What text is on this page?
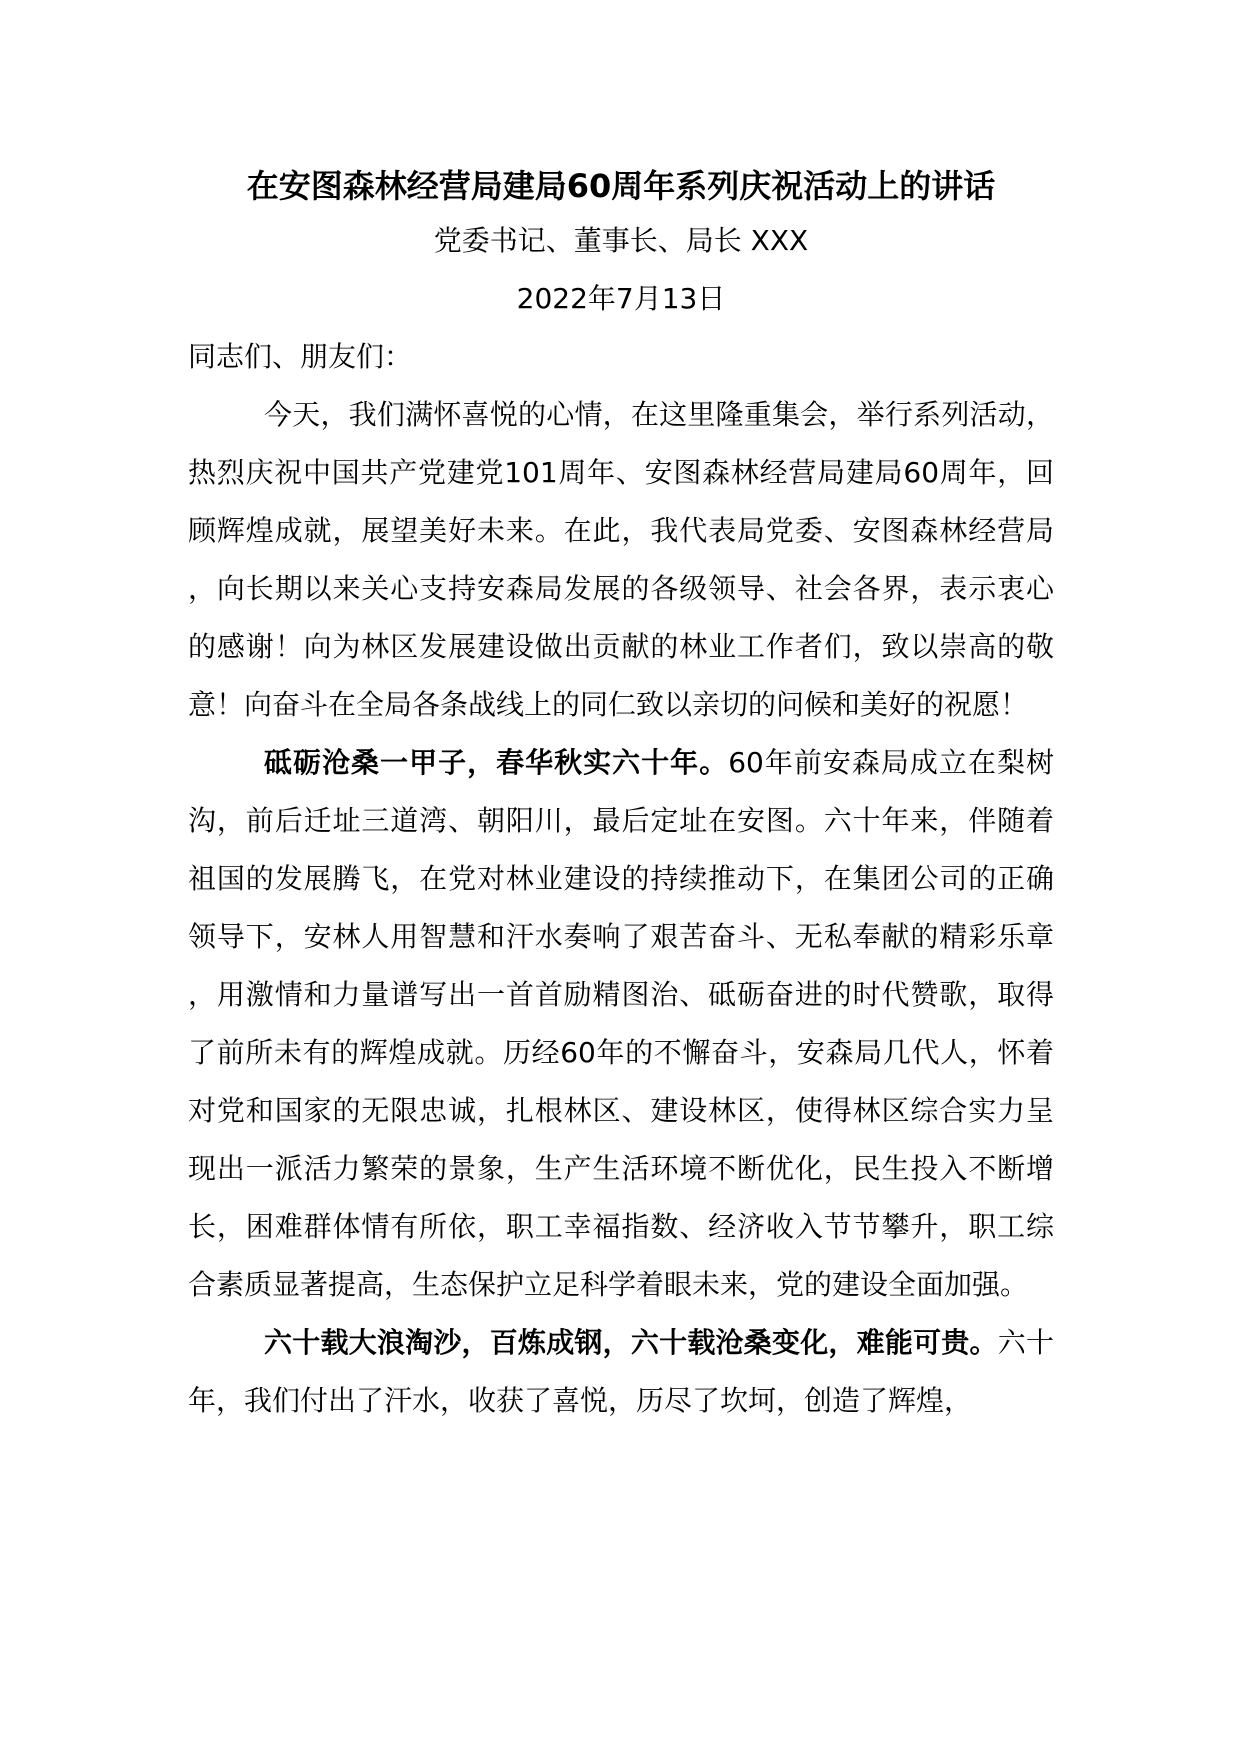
在安图森林经营局建局60周年系列庆祝活动上的讲话

党委书记、董事长、局长 XXX

2022年7月13日

同志们、朋友们：

今天，我们满怀喜悦的心情，在这里隆重集会，举行系列活动，热烈庆祝中国共产党建党101周年、安图森林经营局建局60周年，回顾辉煌成就，展望美好未来。在此，我代表局党委、安图森林经营局，向长期以来关心支持安森局发展的各级领导、社会各界，表示衷心的感谢！向为林区发展建设做出贡献的林业工作者们，致以崇高的敬意！向奋斗在全局各条战线上的同仁致以亲切的问候和美好的祝愿！

砥砺沧桑一甲子，春华秋实六十年。60年前安森局成立在梨树沟，前后迁址三道湾、朝阳川，最后定址在安图。六十年来，伴随着祖国的发展腾飞，在党对林业建设的持续推动下，在集团公司的正确领导下，安林人用智慧和汗水奏响了艰苦奋斗、无私奉献的精彩乐章，用激情和力量谱写出一首首励精图治、砥砺奋进的时代赞歌，取得了前所未有的辉煌成就。历经60年的不懈奋斗，安森局几代人，怀着对党和国家的无限忠诚，扎根林区、建设林区，使得林区综合实力呈现出一派活力繁荣的景象，生产生活环境不断优化，民生投入不断增长，困难群体情有所依，职工幸福指数、经济收入节节攀升，职工综合素质显著提高，生态保护立足科学着眼未来，党的建设全面加强。

六十载大浪淘沙，百炼成钢，六十载沧桑变化，难能可贵。六十年，我们付出了汗水，收获了喜悦，历尽了坎坷，创造了辉煌，
